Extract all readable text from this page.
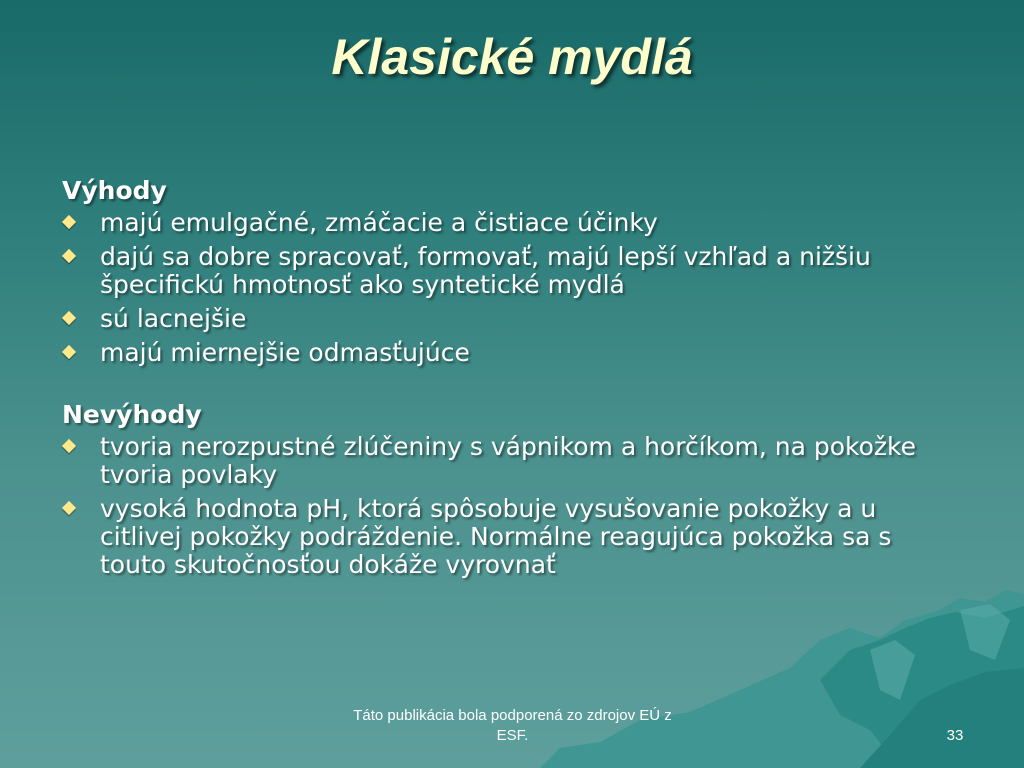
Klasické mydlá
Výhody
majú emulgačné, zmáčacie a čistiace účinky
dajú sa dobre spracovať, formovať, majú lepší vzhľad a nižšiu špecifickú hmotnosť ako syntetické mydlá
sú lacnejšie
majú miernejšie odmasťujúce
Nevýhody
tvoria nerozpustné zlúčeniny s vápnikom a horčíkom, na pokožke tvoria povlaky
vysoká hodnota pH, ktorá spôsobuje vysušovanie pokožky a u citlivej pokožky podráždenie. Normálne reagujúca pokožka sa s touto skutočnosťou dokáže vyrovnať
Táto publikácia bola podporená zo zdrojov EÚ z ESF.	33
